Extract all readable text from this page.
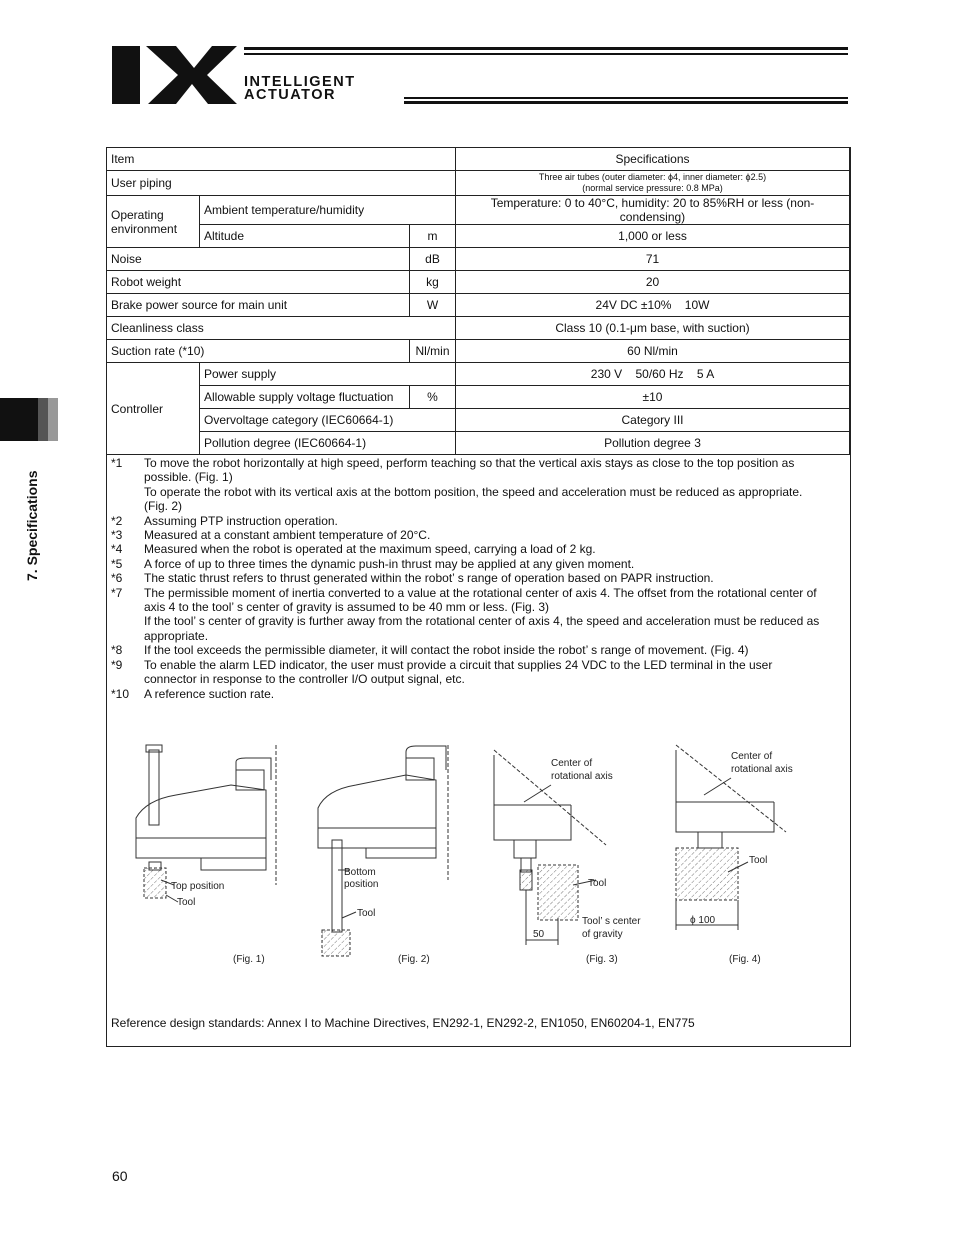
INTELLIGENT
ACTUATOR
7. Specifications
Item			Specifications
User piping			Three air tubes (outer diameter: ϕ4, inner diameter: ϕ2.5)
(normal service pressure: 0.8 MPa)

Operating environment	Ambient temperature/humidity		Temperature: 0 to 40°C, humidity: 20 to 85%RH or less (non-condensing)
	Altitude	m	1,000 or less
Noise		dB	71
Robot weight		kg	20
Brake power source for main unit		W	24V DC ±10%    10W
Cleanliness class			Class 10 (0.1-μm base, with suction)
Suction rate (*10)		Nl/min	60 Nl/min
Controller	Power supply		230 V    50/60 Hz    5 A
	Allowable supply voltage fluctuation	%	±10
	Overvoltage category (IEC60664-1)		Category III
	Pollution degree (IEC60664-1)		Pollution degree 3
*1	To move the robot horizontally at high speed, perform teaching so that the vertical axis stays as close to the top position as
possible. (Fig. 1)
To operate the robot with its vertical axis at the bottom position, the speed and acceleration must be reduced as appropriate.
(Fig. 2)
*2	Assuming PTP instruction operation.
*3	Measured at a constant ambient temperature of 20°C.
*4	Measured when the robot is operated at the maximum speed, carrying a load of 2 kg.
*5	A force of up to three times the dynamic push-in thrust may be applied at any given moment.
*6	The static thrust refers to thrust generated within the robot’ s range of operation based on PAPR instruction.
*7	The permissible moment of inertia converted to a value at the rotational center of axis 4. The offset from the rotational center of
axis 4 to the tool’ s center of gravity is assumed to be 40 mm or less. (Fig. 3)
If the tool’ s center of gravity is further away from the rotational center of axis 4, the speed and acceleration must be reduced as
appropriate.
*8	If the tool exceeds the permissible diameter, it will contact the robot inside the robot’ s range of movement. (Fig. 4)
*9	To enable the alarm LED indicator, the user must provide a circuit that supplies 24 VDC to the LED terminal in the user
connector in response to the controller I/O output signal, etc.
*10	A reference suction rate.
Top position
Tool
(Fig. 1)
Bottom
position
Tool
(Fig. 2)
Center of
rotational axis
Tool
Tool’ s center
of gravity
50
(Fig. 3)
Center of
rotational axis
Tool
ϕ 100
(Fig. 4)
Reference design standards: Annex I to Machine Directives, EN292-1, EN292-2, EN1050, EN60204-1, EN775
60
